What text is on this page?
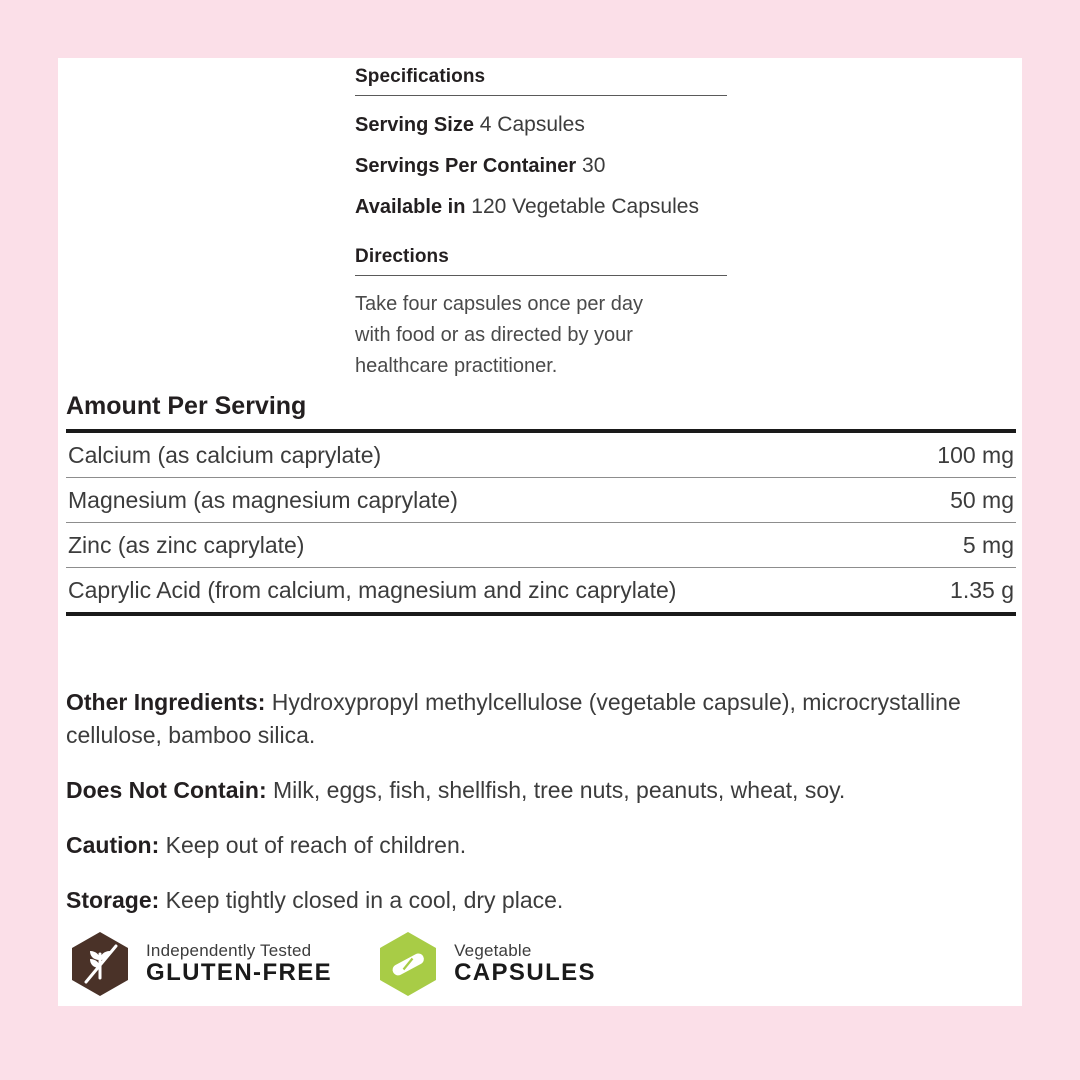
Specifications
Serving Size 4 Capsules
Servings Per Container 30
Available in 120 Vegetable Capsules
Directions
Take four capsules once per day with food or as directed by your healthcare practitioner.
Amount Per Serving
Calcium (as calcium caprylate)	100 mg
Magnesium (as magnesium caprylate)	50 mg
Zinc (as zinc caprylate)	5 mg
Caprylic Acid (from calcium, magnesium and zinc caprylate)	1.35 g
Other Ingredients: Hydroxypropyl methylcellulose (vegetable capsule), microcrystalline cellulose, bamboo silica.
Does Not Contain: Milk, eggs, fish, shellfish, tree nuts, peanuts, wheat, soy.
Caution: Keep out of reach of children.
Storage: Keep tightly closed in a cool, dry place.
Independently Tested
GLUTEN-FREE
Vegetable
CAPSULES
